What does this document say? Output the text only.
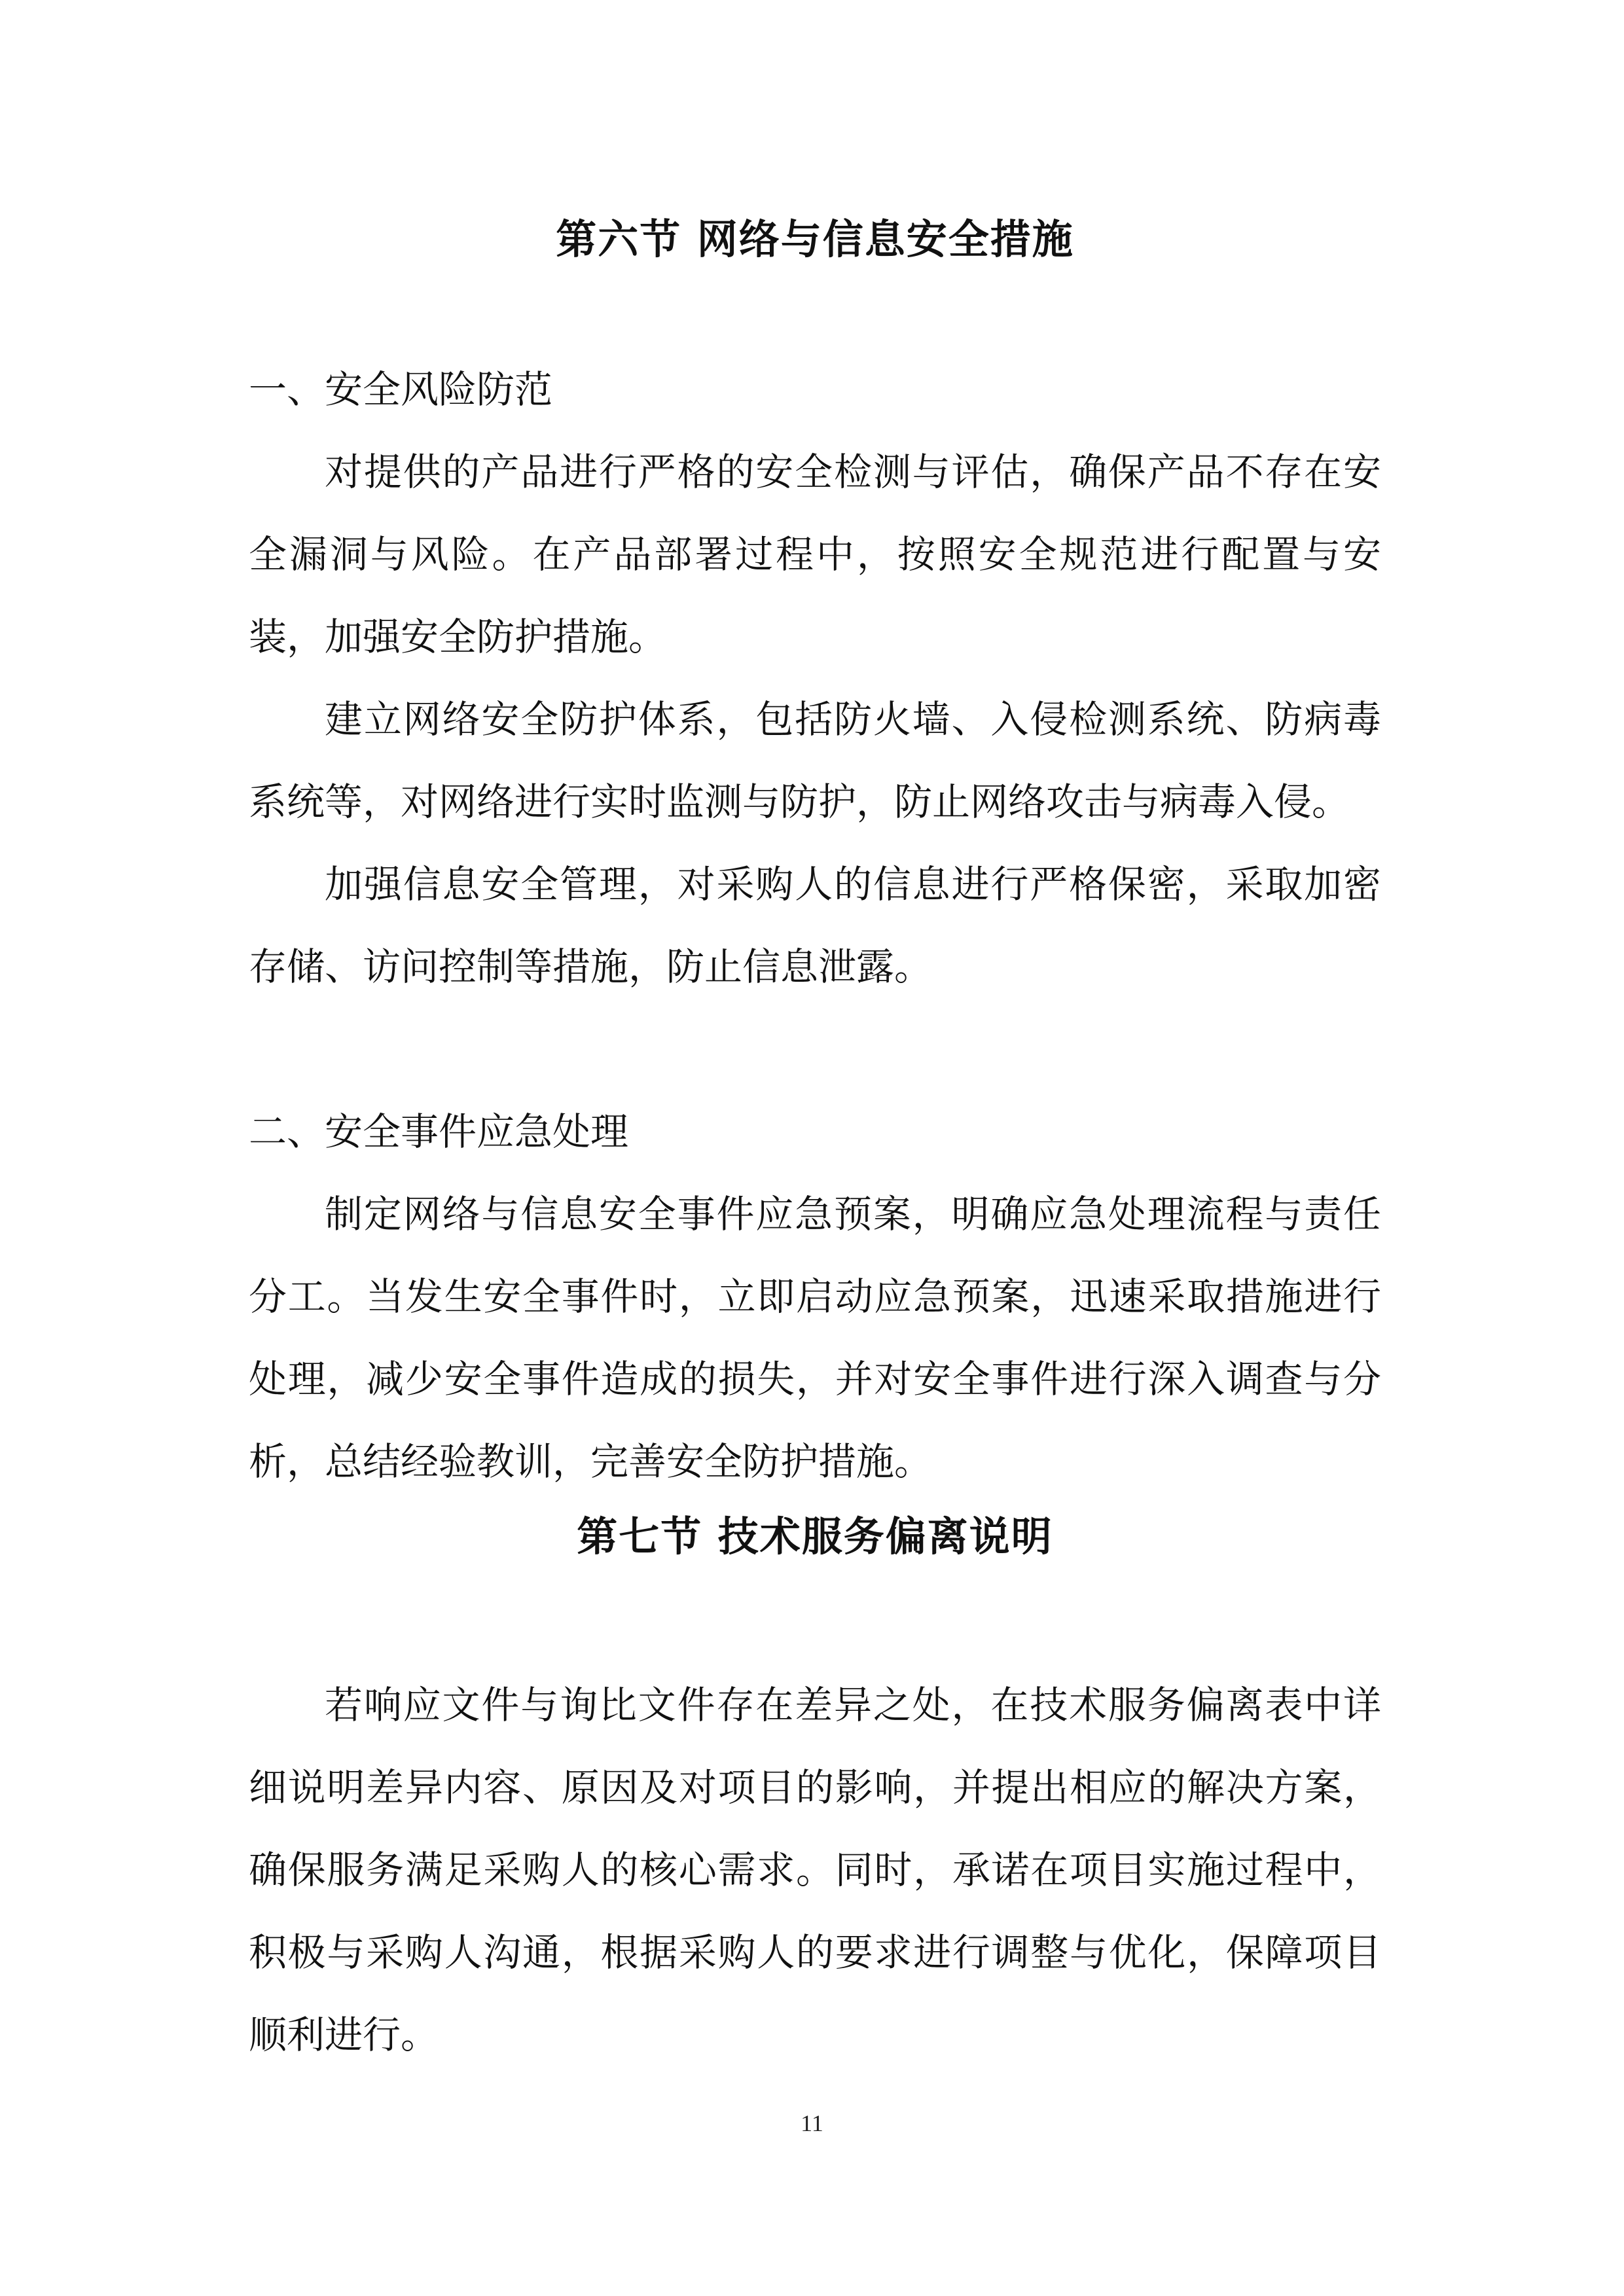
第六节 网络与信息安全措施
一、安全风险防范

对提供的产品进行严格的安全检测与评估，确保产品不存在安全漏洞与风险。在产品部署过程中，按照安全规范进行配置与安装，加强安全防护措施。

建立网络安全防护体系，包括防火墙、入侵检测系统、防病毒系统等，对网络进行实时监测与防护，防止网络攻击与病毒入侵。

加强信息安全管理，对采购人的信息进行严格保密，采取加密存储、访问控制等措施，防止信息泄露。

二、安全事件应急处理

制定网络与信息安全事件应急预案，明确应急处理流程与责任分工。当发生安全事件时，立即启动应急预案，迅速采取措施进行处理，减少安全事件造成的损失，并对安全事件进行深入调查与分析，总结经验教训，完善安全防护措施。

第七节 技术服务偏离说明

若响应文件与询比文件存在差异之处，在技术服务偏离表中详细说明差异内容、原因及对项目的影响，并提出相应的解决方案，确保服务满足采购人的核心需求。同时，承诺在项目实施过程中，积极与采购人沟通，根据采购人的要求进行调整与优化，保障项目顺利进行。

11
